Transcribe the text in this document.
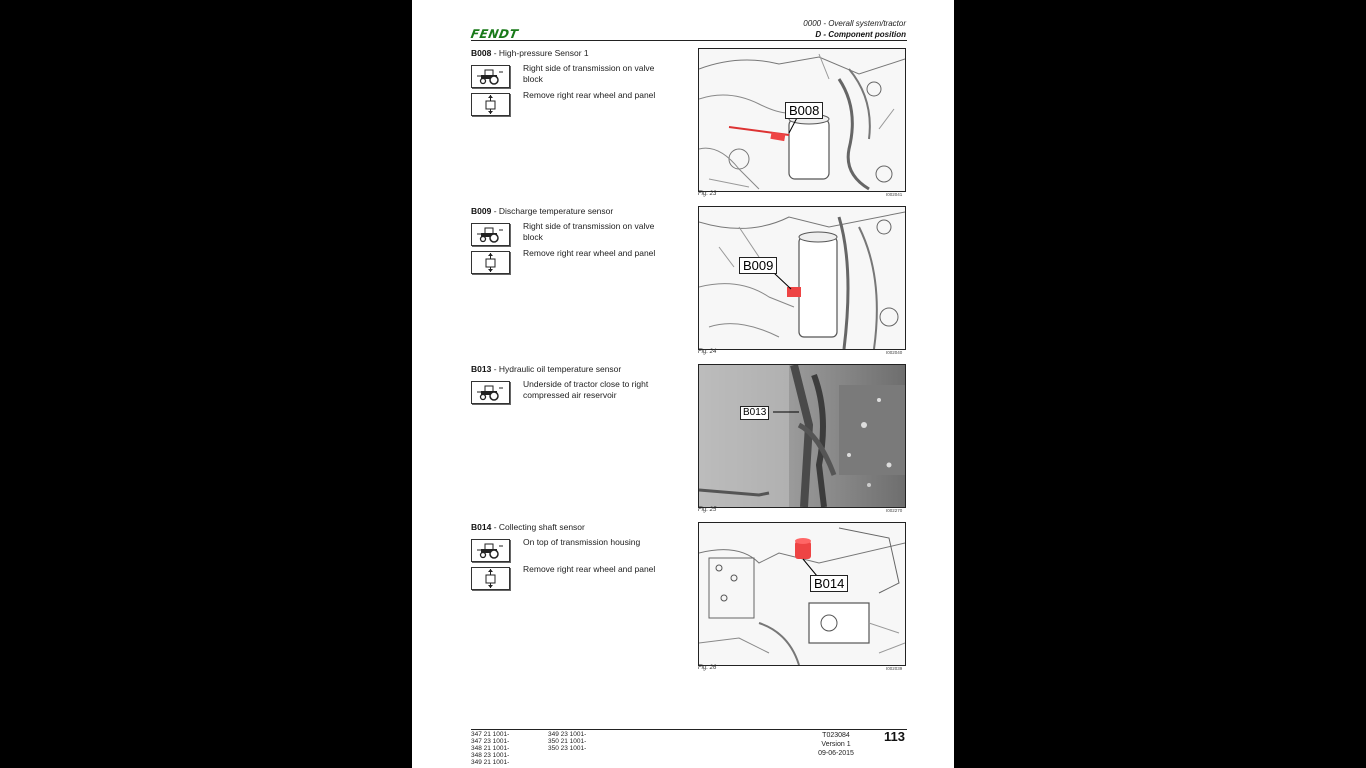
FENDT
0000 - Overall system/tractor
D - Component position
B008 - High-pressure Sensor 1
Right side of transmission on valve block
Remove right rear wheel and panel
B008
Fig. 23	I002041
B009 - Discharge temperature sensor
Right side of transmission on valve block
Remove right rear wheel and panel
B009
Fig. 24	I002040
B013 - Hydraulic oil temperature sensor
Underside of tractor close to right compressed air reservoir
B013
Fig. 25	I002270
B014 - Collecting shaft sensor
On top of transmission housing
Remove right rear wheel and panel
B014
Fig. 26	I002039
347 21 1001-
347 23 1001-
348 21 1001-
348 23 1001-
349 21 1001-
349 23 1001-
350 21 1001-
350 23 1001-
T023084
Version 1
09-06-2015
113
